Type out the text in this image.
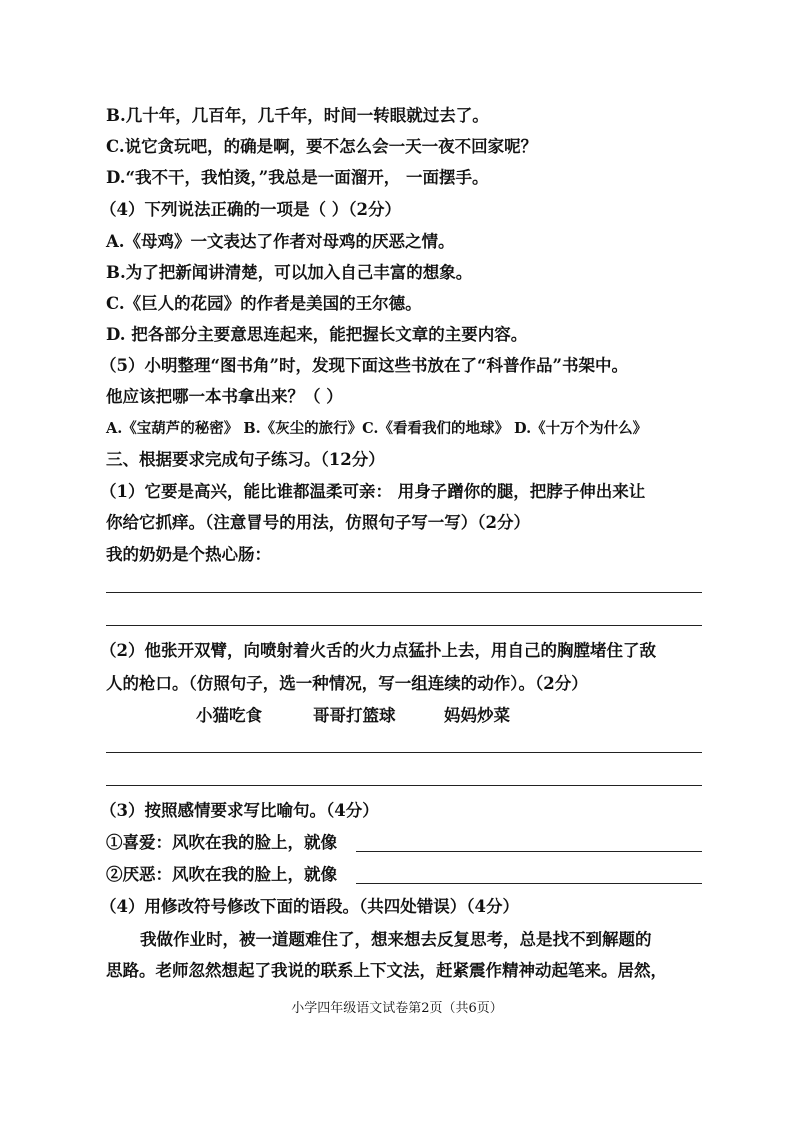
B.几十年，几百年，几千年，时间一转眼就过去了。
C.说它贪玩吧，的确是啊，要不怎么会一天一夜不回家呢？
D.“我不干，我怕烫，”我总是一面溜开， 一面摆手。
（4）下列说法正确的一项是（ ）（2分）
A.《母鸡》一文表达了作者对母鸡的厌恶之情。
B.为了把新闻讲清楚，可以加入自己丰富的想象。
C.《巨人的花园》的作者是美国的王尔德。
D. 把各部分主要意思连起来，能把握长文章的主要内容。
（5）小明整理“图书角”时，发现下面这些书放在了“科普作品”书架中。
他应该把哪一本书拿出来？（ ）
A.《宝葫芦的秘密》 B.《灰尘的旅行》C.《看看我们的地球》 D.《十万个为什么》
三、根据要求完成句子练习。（12分）
（1）它要是高兴，能比谁都温柔可亲： 用身子蹭你的腿，把脖子伸出来让
你给它抓痒。（注意冒号的用法，仿照句子写一写）（2分）
我的奶奶是个热心肠：
（2）他张开双臂，向喷射着火舌的火力点猛扑上去，用自己的胸膛堵住了敌
人的枪口。（仿照句子，选一种情况，写一组连续的动作）。（2分）
小猫吃食	哥哥打篮球	妈妈炒菜
（3）按照感情要求写比喻句。（4分）
①喜爱：风吹在我的脸上，就像
②厌恶：风吹在我的脸上，就像
（4）用修改符号修改下面的语段。（共四处错误）（4分）
我做作业时，被一道题难住了，想来想去反复思考，总是找不到解题的
思路。老师忽然想起了我说的联系上下文法，赶紧震作精神动起笔来。居然，
小学四年级语文试卷第2页（共6页）
